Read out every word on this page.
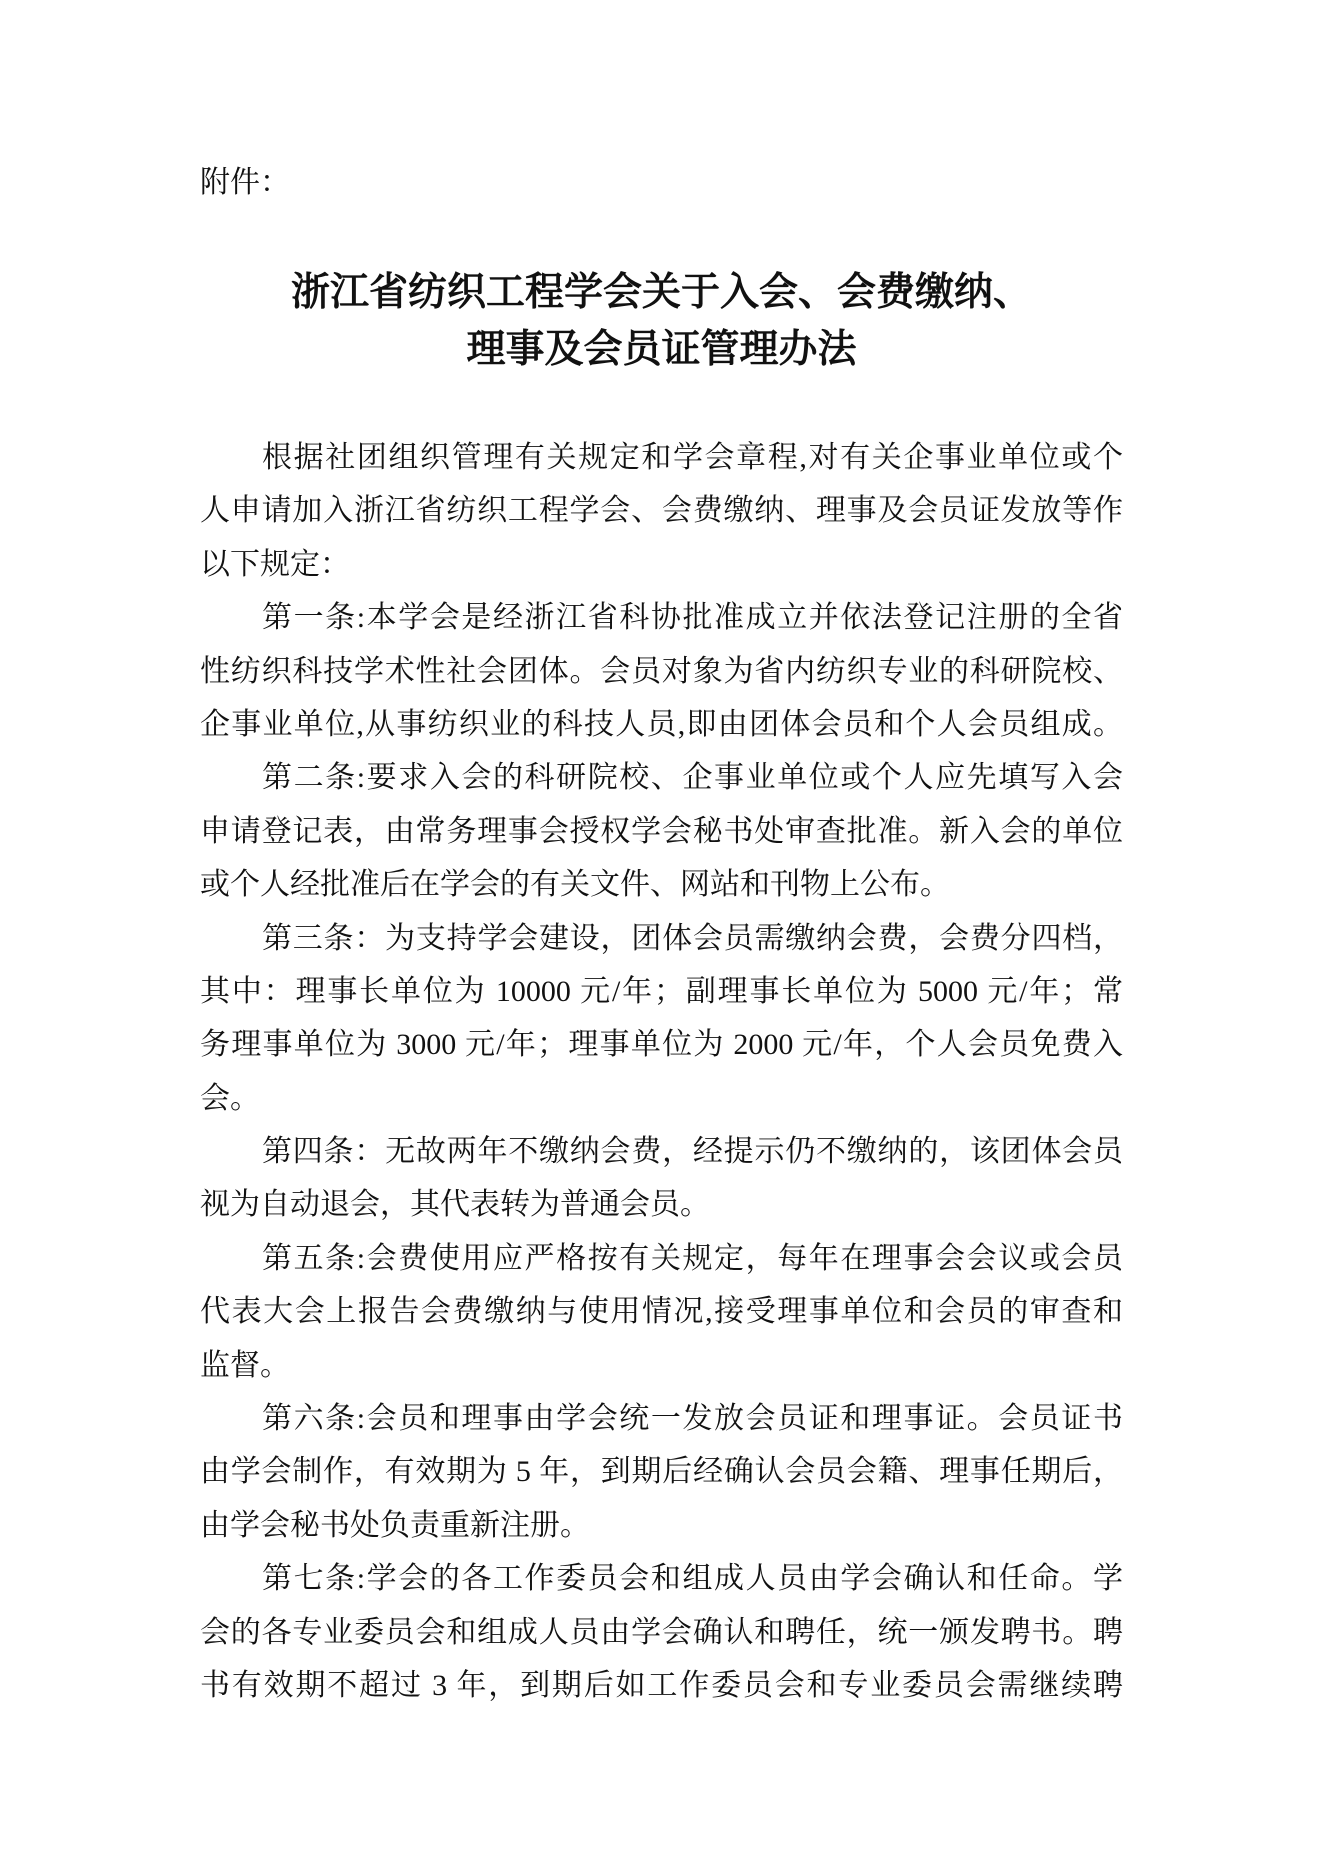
附件：
浙江省纺织工程学会关于入会、会费缴纳、
理事及会员证管理办法
根据社团组织管理有关规定和学会章程,对有关企事业单位或个
人申请加入浙江省纺织工程学会、会费缴纳、理事及会员证发放等作
以下规定：
第一条:本学会是经浙江省科协批准成立并依法登记注册的全省
性纺织科技学术性社会团体。会员对象为省内纺织专业的科研院校、
企事业单位,从事纺织业的科技人员,即由团体会员和个人会员组成。
第二条:要求入会的科研院校、企事业单位或个人应先填写入会
申请登记表，由常务理事会授权学会秘书处审查批准。新入会的单位
或个人经批准后在学会的有关文件、网站和刊物上公布。
第三条：为支持学会建设，团体会员需缴纳会费，会费分四档，
其中：理事长单位为 10000 元/年；副理事长单位为 5000 元/年；常
务理事单位为 3000 元/年；理事单位为 2000 元/年，个人会员免费入
会。
第四条：无故两年不缴纳会费，经提示仍不缴纳的，该团体会员
视为自动退会，其代表转为普通会员。
第五条:会费使用应严格按有关规定，每年在理事会会议或会员
代表大会上报告会费缴纳与使用情况,接受理事单位和会员的审查和
监督。
第六条:会员和理事由学会统一发放会员证和理事证。会员证书
由学会制作，有效期为 5 年，到期后经确认会员会籍、理事任期后，
由学会秘书处负责重新注册。
第七条:学会的各工作委员会和组成人员由学会确认和任命。学
会的各专业委员会和组成人员由学会确认和聘任，统一颁发聘书。聘
书有效期不超过 3 年，到期后如工作委员会和专业委员会需继续聘
